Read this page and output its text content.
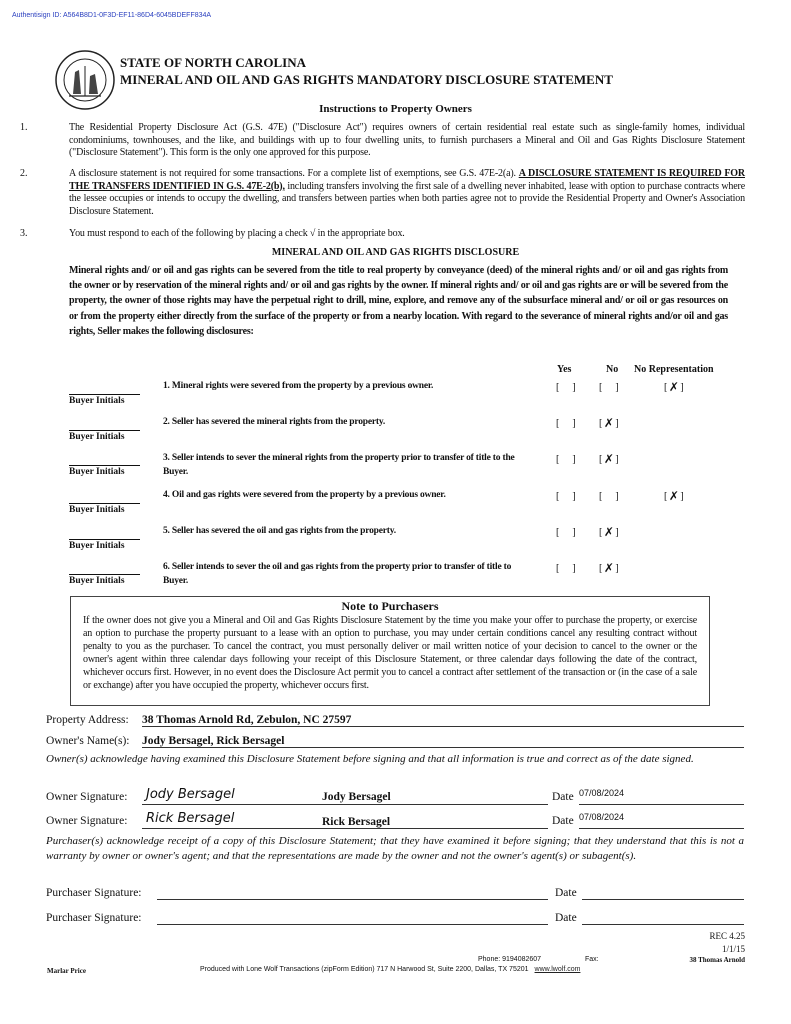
Authentisign ID: A564B8D1-0F3D-EF11-86D4-6045BDEFF834A
STATE OF NORTH CAROLINA
MINERAL AND OIL AND GAS RIGHTS MANDATORY DISCLOSURE STATEMENT
Instructions to Property Owners
1.	The Residential Property Disclosure Act (G.S. 47E) ("Disclosure Act") requires owners of certain residential real estate such as single-family homes, individual condominiums, townhouses, and the like, and buildings with up to four dwelling units, to furnish purchasers a Mineral and Oil and Gas Rights Disclosure Statement ("Disclosure Statement"). This form is the only one approved for this purpose.
2.	A disclosure statement is not required for some transactions. For a complete list of exemptions, see G.S. 47E-2(a). A DISCLOSURE STATEMENT IS REQUIRED FOR THE TRANSFERS IDENTIFIED IN G.S. 47E-2(b), including transfers involving the first sale of a dwelling never inhabited, lease with option to purchase contracts where the lessee occupies or intends to occupy the dwelling, and transfers between parties when both parties agree not to provide the Residential Property and Owner's Association Disclosure Statement.
3.	You must respond to each of the following by placing a check √ in the appropriate box.
MINERAL AND OIL AND GAS RIGHTS DISCLOSURE
Mineral rights and/ or oil and gas rights can be severed from the title to real property by conveyance (deed) of the mineral rights and/ or oil and gas rights from the owner or by reservation of the mineral rights and/ or oil and gas rights by the owner. If mineral rights and/ or oil and gas rights are or will be severed from the property, the owner of those rights may have the perpetual right to drill, mine, explore, and remove any of the subsurface mineral and/ or oil or gas resources on or from the property either directly from the surface of the property or from a nearby location. With regard to the severance of mineral rights and/or oil and gas rights, Seller makes the following disclosures:
Yes	No No Representation
Buyer Initials
1. Mineral rights were severed from the property by a previous owner.	[ ] [ ]	[ ✗ ]
Buyer Initials
2. Seller has severed the mineral rights from the property.	[ ] [ ✗ ]
Buyer Initials
3. Seller intends to sever the mineral rights from the property prior to transfer of title to the Buyer.
[ ] [ ✗ ]
Buyer Initials
4. Oil and gas rights were severed from the property by a previous owner.	[ ] [ ]	[ ✗ ]
Buyer Initials
5. Seller has severed the oil and gas rights from the property.	[ ] [ ✗ ]
Buyer Initials
6. Seller intends to sever the oil and gas rights from the property prior to transfer of title to Buyer.
[ ] [ ✗ ]
Note to Purchasers
If the owner does not give you a Mineral and Oil and Gas Rights Disclosure Statement by the time you make your offer to purchase the property, or exercise an option to purchase the property pursuant to a lease with an option to purchase, you may under certain conditions cancel any resulting contract without penalty to you as the purchaser. To cancel the contract, you must personally deliver or mail written notice of your decision to cancel to the owner or the owner's agent within three calendar days following your receipt of this Disclosure Statement, or three calendar days following the date of the contract, whichever occurs first. However, in no event does the Disclosure Act permit you to cancel a contract after settlement of the transaction or (in the case of a sale or exchange) after you have occupied the property, whichever occurs first.
Property Address: 38 Thomas Arnold Rd, Zebulon, NC 27597
Owner's Name(s): Jody Bersagel, Rick Bersagel
Owner(s) acknowledge having examined this Disclosure Statement before signing and that all information is true and correct as of the date signed.
Owner Signature: Jody Bersagel	Jody Bersagel	Date 07/08/2024
Owner Signature: Rick Bersagel	Rick Bersagel	Date 07/08/2024
Purchaser(s) acknowledge receipt of a copy of this Disclosure Statement; that they have examined it before signing; that they understand that this is not a warranty by owner or owner's agent; and that the representations are made by the owner and not the owner's agent(s) or subagent(s).
Purchaser Signature:	Date
Purchaser Signature:	Date
REC 4.25
1/1/15
Phone: 9194082607	Fax:	38 Thomas Arnold
Marlar Price	Produced with Lone Wolf Transactions (zipForm Edition) 717 N Harwood St, Suite 2200, Dallas, TX 75201 www.lwolf.com
